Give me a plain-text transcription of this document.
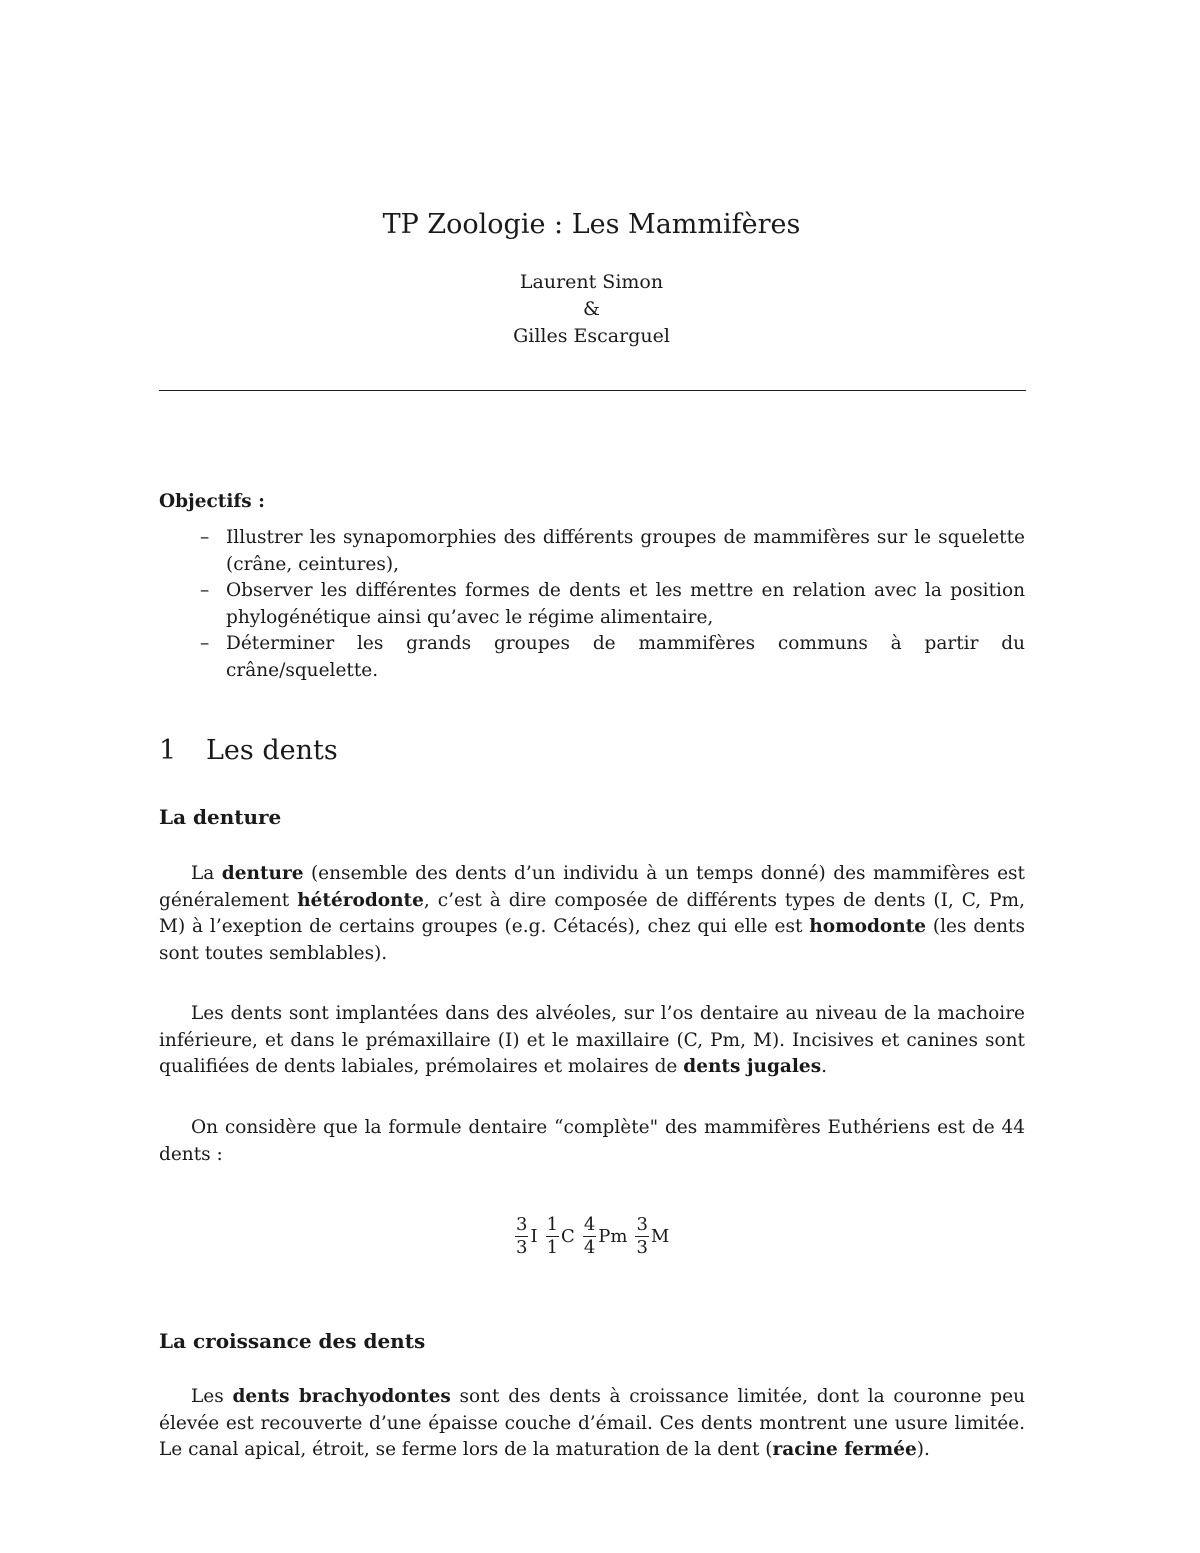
TP Zoologie : Les Mammifères
Laurent Simon
&
Gilles Escarguel
Objectifs :
– Illustrer les synapomorphies des différents groupes de mammifères sur le squelette (crâne, ceintures),
– Observer les différentes formes de dents et les mettre en relation avec la position phylogénétique ainsi qu’avec le régime alimentaire,
– Déterminer les grands groupes de mammifères communs à partir du crâne/squelette.
1 Les dents
La denture

La denture (ensemble des dents d’un individu à un temps donné) des mammifères est généralement hétérodonte, c’est à dire composée de différents types de dents (I, C, Pm, M) à l’exeption de certains groupes (e.g. Cétacés), chez qui elle est homodonte (les dents sont toutes semblables).

Les dents sont implantées dans des alvéoles, sur l’os dentaire au niveau de la machoire inférieure, et dans le prémaxillaire (I) et le maxillaire (C, Pm, M). Incisives et canines sont qualifiées de dents labiales, prémolaires et molaires de dents jugales.

On considère que la formule dentaire “complète" des mammifères Euthériens est de 44 dents :

$\frac{3}{3}$ I $\frac{1}{1}$ C $\frac{4}{4}$ Pm $\frac{3}{3}$ M
La croissance des dents

Les dents brachyodontes sont des dents à croissance limitée, dont la couronne peu élevée est recouverte d’une épaisse couche d’émail. Ces dents montrent une usure limitée. Le canal apical, étroit, se ferme lors de la maturation de la dent (racine fermée).
